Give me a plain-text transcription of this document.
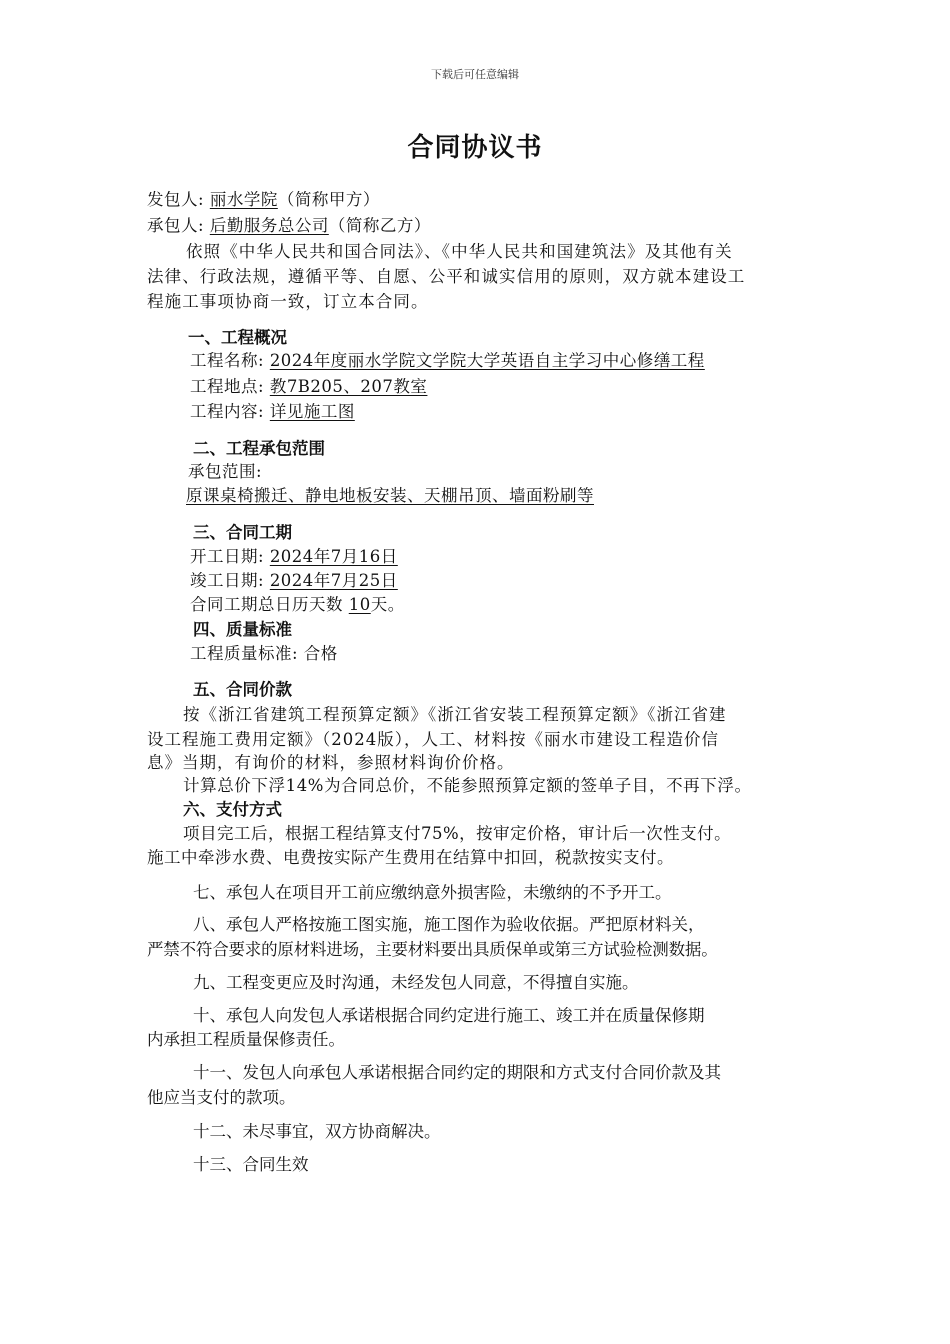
下载后可任意编辑
合同协议书
发包人: 丽水学院（简称甲方）
承包人: 后勤服务总公司（简称乙方）
依照《中华人民共和国合同法》、《中华人民共和国建筑法》及其他有关
法律、行政法规，遵循平等、自愿、公平和诚实信用的原则，双方就本建设工
程施工事项协商一致，订立本合同。
一、工程概况
工程名称: 2024年度丽水学院文学院大学英语自主学习中心修缮工程
工程地点: 教7B205、207教室
工程内容: 详见施工图
二、工程承包范围
承包范围:
原课桌椅搬迁、静电地板安装、天棚吊顶、墙面粉刷等
三、合同工期
开工日期: 2024年7月16日
竣工日期: 2024年7月25日
合同工期总日历天数 10天。
四、质量标准
工程质量标准: 合格
五、合同价款
按《浙江省建筑工程预算定额》《浙江省安装工程预算定额》《浙江省建
设工程施工费用定额》（2024版），人工、材料按《丽水市建设工程造价信
息》当期，有询价的材料，参照材料询价价格。
计算总价下浮14%为合同总价，不能参照预算定额的签单子目，不再下浮。
六、支付方式
项目完工后，根据工程结算支付75%，按审定价格，审计后一次性支付。
施工中牵涉水费、电费按实际产生费用在结算中扣回，税款按实支付。
七、承包人在项目开工前应缴纳意外损害险，未缴纳的不予开工。
八、承包人严格按施工图实施，施工图作为验收依据。严把原材料关，
严禁不符合要求的原材料进场，主要材料要出具质保单或第三方试验检测数据。
九、工程变更应及时沟通，未经发包人同意，不得擅自实施。
十、承包人向发包人承诺根据合同约定进行施工、竣工并在质量保修期
内承担工程质量保修责任。
十一、发包人向承包人承诺根据合同约定的期限和方式支付合同价款及其
他应当支付的款项。
十二、未尽事宜，双方协商解决。
十三、合同生效
